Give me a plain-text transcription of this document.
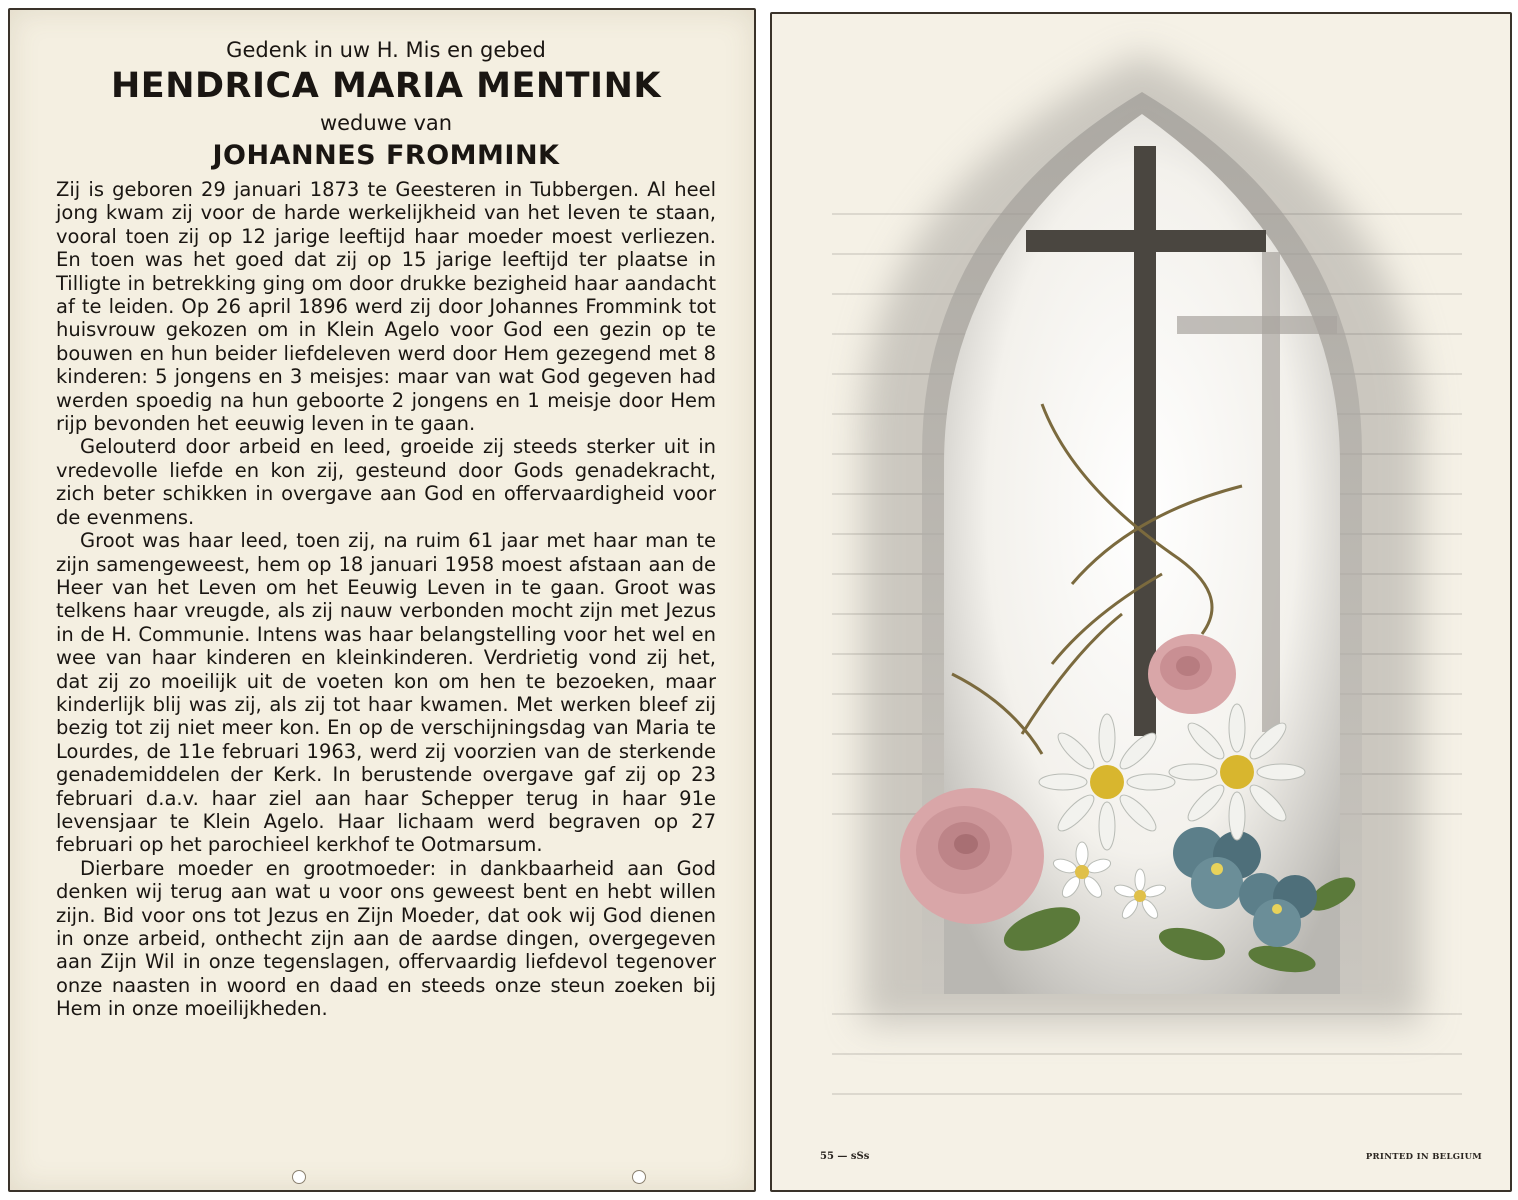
Gedenk in uw H. Mis en gebed

HENDRICA MARIA MENTINK

weduwe van

JOHANNES FROMMINK

Zij is geboren 29 januari 1873 te Geesteren in Tubbergen. Al heel jong kwam zij voor de harde werkelijkheid van het leven te staan, vooral toen zij op 12 jarige leeftijd haar moeder moest verliezen. En toen was het goed dat zij op 15 jarige leeftijd ter plaatse in Tilligte in betrekking ging om door drukke bezigheid haar aandacht af te leiden. Op 26 april 1896 werd zij door Johannes Frommink tot huisvrouw gekozen om in Klein Agelo voor God een gezin op te bouwen en hun beider liefdeleven werd door Hem gezegend met 8 kinderen: 5 jongens en 3 meisjes: maar van wat God gegeven had werden spoedig na hun geboorte 2 jongens en 1 meisje door Hem rijp bevonden het eeuwig leven in te gaan.

Gelouterd door arbeid en leed, groeide zij steeds sterker uit in vredevolle liefde en kon zij, gesteund door Gods genadekracht, zich beter schikken in overgave aan God en offervaardigheid voor de evenmens.

Groot was haar leed, toen zij, na ruim 61 jaar met haar man te zijn samengeweest, hem op 18 januari 1958 moest afstaan aan de Heer van het Leven om het Eeuwig Leven in te gaan. Groot was telkens haar vreugde, als zij nauw verbonden mocht zijn met Jezus in de H. Communie. Intens was haar belangstelling voor het wel en wee van haar kinderen en kleinkinderen. Verdrietig vond zij het, dat zij zo moeilijk uit de voeten kon om hen te bezoeken, maar kinderlijk blij was zij, als zij tot haar kwamen. Met werken bleef zij bezig tot zij niet meer kon. En op de verschijningsdag van Maria te Lourdes, de 11e februari 1963, werd zij voorzien van de sterkende genademiddelen der Kerk. In berustende overgave gaf zij op 23 februari d.a.v. haar ziel aan haar Schepper terug in haar 91e levensjaar te Klein Agelo. Haar lichaam werd begraven op 27 februari op het parochieel kerkhof te Ootmarsum.

Dierbare moeder en grootmoeder: in dankbaarheid aan God denken wij terug aan wat u voor ons geweest bent en hebt willen zijn. Bid voor ons tot Jezus en Zijn Moeder, dat ook wij God dienen in onze arbeid, onthecht zijn aan de aardse dingen, overgegeven aan Zijn Wil in onze tegenslagen, offervaardig liefdevol tegenover onze naasten in woord en daad en steeds onze steun zoeken bij Hem in onze moeilijkheden.

55 — sSs	PRINTED IN BELGIUM
